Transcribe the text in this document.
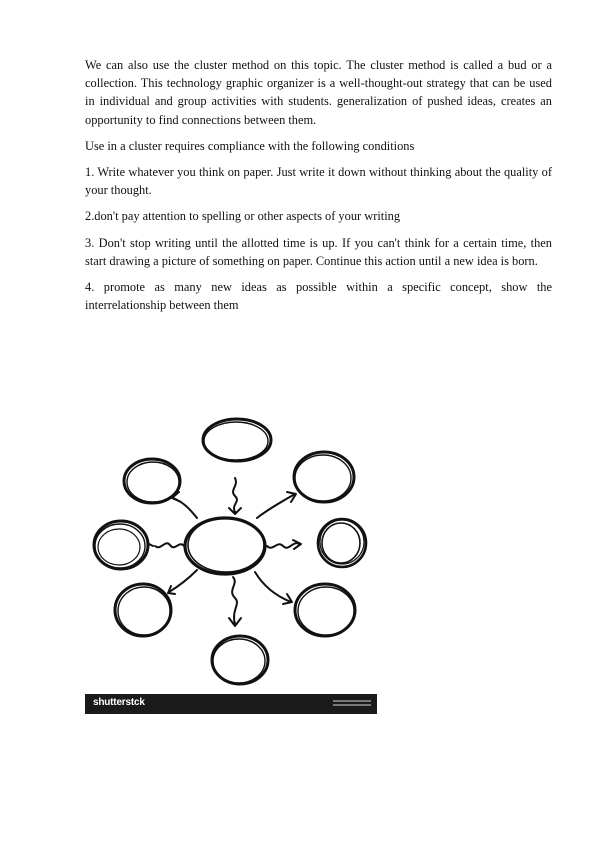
We can also use the cluster method on this topic. The cluster method is called a bud or a collection. This technology graphic organizer is a well-thought-out strategy that can be used in individual and group activities with students. generalization of pushed ideas, creates an opportunity to find connections between them.

Use in a cluster requires compliance with the following conditions

1. Write whatever you think on paper. Just write it down without thinking about the quality of your thought.

2.don't pay attention to spelling or other aspects of your writing

3. Don't stop writing until the allotted time is up. If you can't think for a certain time, then start drawing a picture of something on paper. Continue this action until a new idea is born.

4. promote as many new ideas as possible within a specific concept, show the interrelationship between them

shutterstck
